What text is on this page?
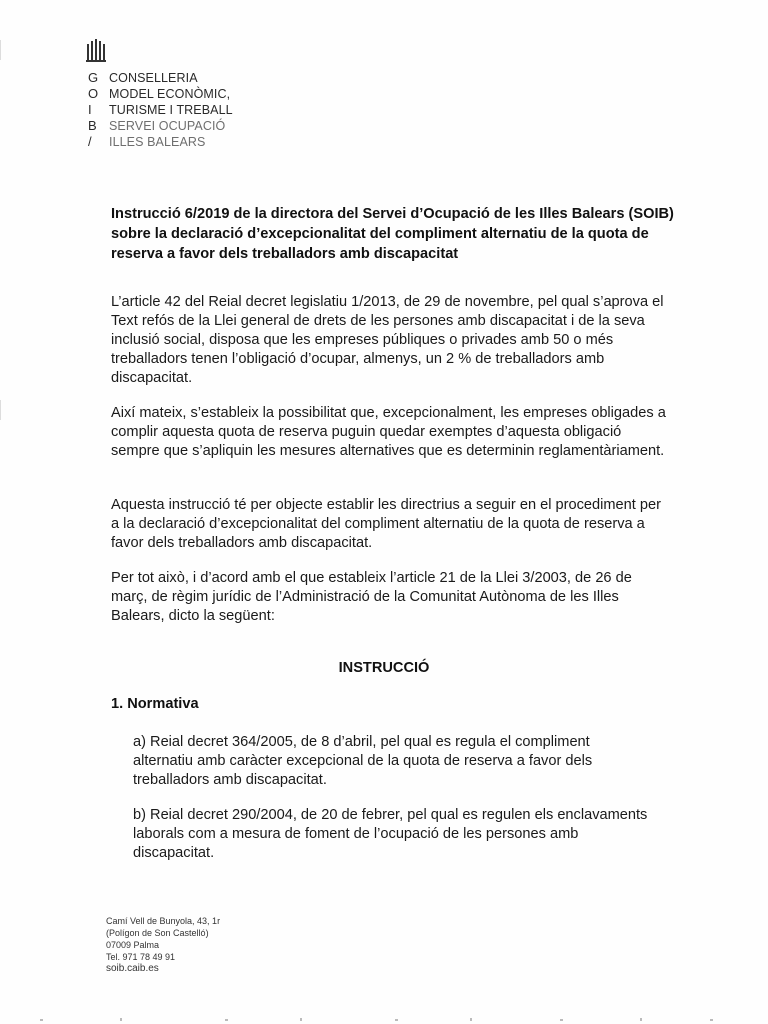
G
O
I
B
/
CONSELLERIA
MODEL ECONÒMIC,
TURISME I TREBALL
SERVEI OCUPACIÓ
ILLES BALEARS
Instrucció 6/2019 de la directora del Servei d’Ocupació de les Illes Balears (SOIB) sobre la declaració d’excepcionalitat del compliment alternatiu de la quota de reserva a favor dels treballadors amb discapacitat
L’article 42 del Reial decret legislatiu 1/2013, de 29 de novembre, pel qual s’aprova el Text refós de la Llei general de drets de les persones amb discapacitat i de la seva inclusió social, disposa que les empreses públiques o privades amb 50 o més treballadors tenen l’obligació d’ocupar, almenys, un 2 % de treballadors amb discapacitat.
Així mateix, s’estableix la possibilitat que, excepcionalment, les empreses obligades a complir aquesta quota de reserva puguin quedar exemptes d’aquesta obligació sempre que s’apliquin les mesures alternatives que es determinin reglamentàriament.
Aquesta instrucció té per objecte establir les directrius a seguir en el procediment per a la declaració d’excepcionalitat del compliment alternatiu de la quota de reserva a favor dels treballadors amb discapacitat.
Per tot això, i d’acord amb el que estableix l’article 21 de la Llei 3/2003, de 26 de març, de règim jurídic de l’Administració de la Comunitat Autònoma de les Illes Balears, dicto la següent:
INSTRUCCIÓ
1. Normativa
a) Reial decret 364/2005, de 8 d’abril, pel qual es regula el compliment alternatiu amb caràcter excepcional de la quota de reserva a favor dels treballadors amb discapacitat.
b) Reial decret 290/2004, de 20 de febrer, pel qual es regulen els enclavaments laborals com a mesura de foment de l’ocupació de les persones amb discapacitat.
Camí Vell de Bunyola, 43, 1r
(Polígon de Son Castelló)
07009 Palma
Tel. 971 78 49 91
soib.caib.es
